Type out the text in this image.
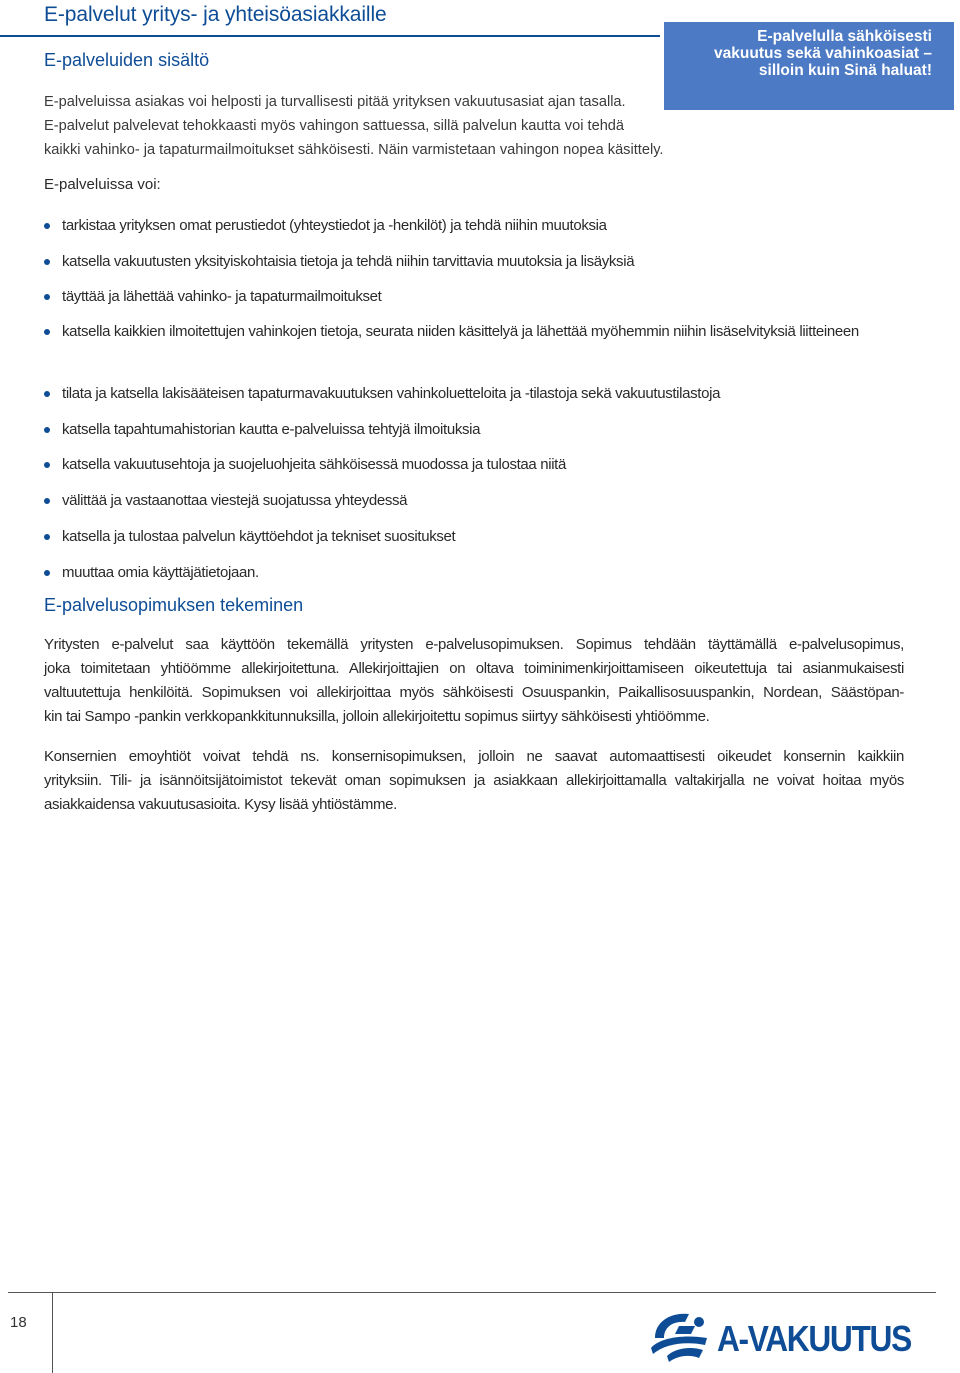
E-palvelut yritys- ja yhteisöasiakkaille
E-palvelulla sähköisesti
vakuutus sekä vahinkoasiat –
silloin kuin Sinä haluat!
E-palveluiden sisältö
E-palveluissa asiakas voi helposti ja turvallisesti pitää yrityksen vakuutusasiat ajan tasalla.
E-palvelut palvelevat tehokkaasti myös vahingon sattuessa, sillä palvelun kautta voi tehdä
kaikki vahinko- ja tapaturmailmoitukset sähköisesti. Näin varmistetaan vahingon nopea käsittely.

E-palveluissa voi:

tarkistaa yrityksen omat perustiedot (yhteystiedot ja -henkilöt) ja tehdä niihin muutoksia
katsella vakuutusten yksityiskohtaisia tietoja ja tehdä niihin tarvittavia muutoksia ja lisäyksiä
täyttää ja lähettää vahinko- ja tapaturmailmoitukset
katsella kaikkien ilmoitettujen vahinkojen tietoja, seurata niiden käsittelyä ja lähettää myöhemmin niihin lisäselvityksiä liitteineen
tilata ja katsella lakisääteisen tapaturmavakuutuksen vahinkoluetteloita ja -tilastoja sekä vakuutustilastoja
katsella tapahtumahistorian kautta e-palveluissa tehtyjä ilmoituksia
katsella vakuutusehtoja ja suojeluohjeita sähköisessä muodossa ja tulostaa niitä
välittää ja vastaanottaa viestejä suojatussa yhteydessä
katsella ja tulostaa palvelun käyttöehdot ja tekniset suositukset
muuttaa omia käyttäjätietojaan.
E-palvelusopimuksen tekeminen
Yritysten e-palvelut saa käyttöön tekemällä yritysten e-palvelusopimuksen. Sopimus tehdään täyttämällä e-palvelusopimus,
joka toimitetaan yhtiöömme allekirjoitettuna. Allekirjoittajien on oltava toiminimenkirjoittamiseen oikeutettuja tai asianmukaisesti
valtuutettuja henkilöitä. Sopimuksen voi allekirjoittaa myös sähköisesti Osuuspankin, Paikallisosuuspankin, Nordean, Säästöpan-
kin tai Sampo -pankin verkkopankkitunnuksilla, jolloin allekirjoitettu sopimus siirtyy sähköisesti yhtiöömme.
Konsernien emoyhtiöt voivat tehdä ns. konsernisopimuksen, jolloin ne saavat automaattisesti oikeudet konsernin kaikkiin
yrityksiin. Tili- ja isännöitsijätoimistot tekevät oman sopimuksen ja asiakkaan allekirjoittamalla valtakirjalla ne voivat hoitaa myös
asiakkaidensa vakuutusasioita. Kysy lisää yhtiöstämme.
18	A-VAKUUTUS
